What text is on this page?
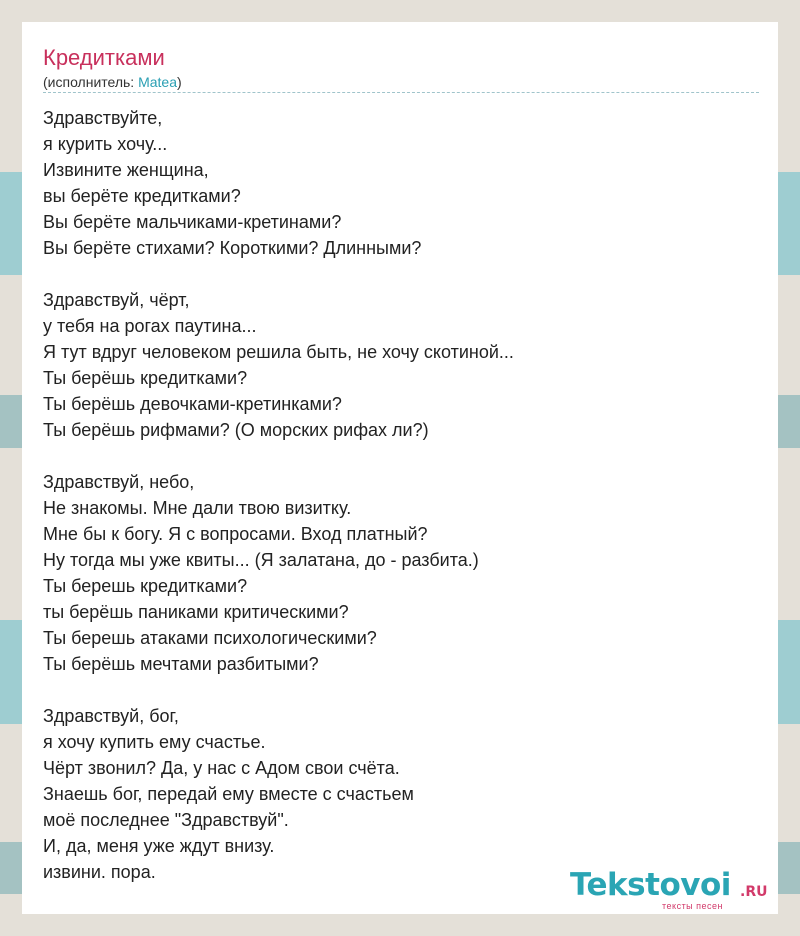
Кредитками
(исполнитель: Matea)
Здравствуйте,
я курить хочу...
Извините женщина,
вы берёте кредитками?
Вы берёте мальчиками-кретинами?
Вы берёте стихами? Короткими? Длинными?
Здравствуй, чёрт,
у тебя на рогах паутина...
Я тут вдруг человеком решила быть, не хочу скотиной...
Ты берёшь кредитками?
Ты берёшь девочками-кретинками?
Ты берёшь рифмами? (О морских рифах ли?)
Здравствуй, небо,
Не знакомы. Мне дали твою визитку.
Мне бы к богу. Я с вопросами. Вход платный?
Ну тогда мы уже квиты... (Я залатана, до - разбита.)
Ты берешь кредитками?
ты берёшь паниками критическими?
Ты берешь атаками психологическими?
Ты берёшь мечтами разбитыми?
Здравствуй, бог,
я хочу купить ему счастье.
Чёрт звонил? Да, у нас с Адом свои счёта.
Знаешь бог, передай ему вместе с счастьем
моё последнее "Здравствуй".
И, да, меня уже ждут внизу.
извини. пора.	Tekstovoi .RU
тексты песен
